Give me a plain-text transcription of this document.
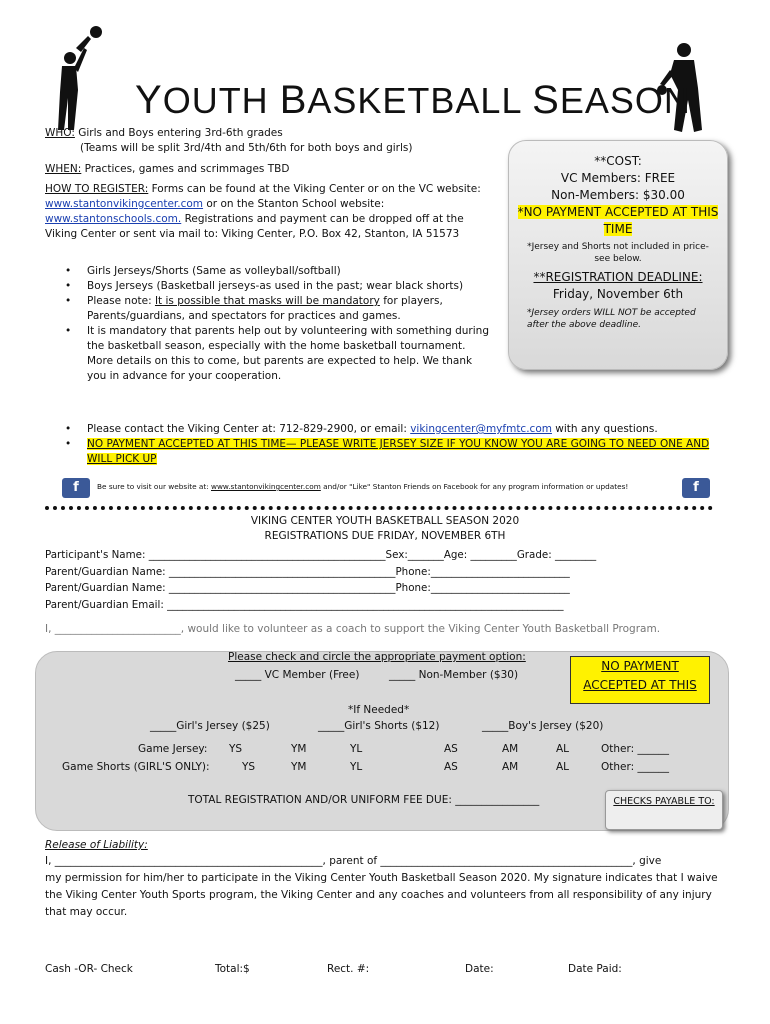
YOUTH BASKETBALL SEASON
WHO: Girls and Boys entering 3rd-6th grades
(Teams will be split 3rd/4th and 5th/6th for both boys and girls)
WHEN: Practices, games and scrimmages TBD
HOW TO REGISTER: Forms can be found at the Viking Center or on the VC website: www.stantonvikingcenter.com or on the Stanton School website: www.stantonschools.com. Registrations and payment can be dropped off at the Viking Center or sent via mail to: Viking Center, P.O. Box 42, Stanton, IA 51573
• Girls Jerseys/Shorts (Same as volleyball/softball)
• Boys Jerseys (Basketball jerseys-as used in the past; wear black shorts)
• Please note: It is possible that masks will be mandatory for players, Parents/guardians, and spectators for practices and games.
• It is mandatory that parents help out by volunteering with something during the basketball season, especially with the home basketball tournament. More details on this to come, but parents are expected to help. We thank you in advance for your cooperation.
**COST:
VC Members: FREE
Non-Members: $30.00
*NO PAYMENT ACCEPTED AT THIS TIME
*Jersey and Shorts not included in price-see below.
**REGISTRATION DEADLINE:
Friday, November 6th
*Jersey orders WILL NOT be accepted after the above deadline.
• Please contact the Viking Center at: 712-829-2900, or email: vikingcenter@myfmtc.com with any questions.
• NO PAYMENT ACCEPTED AT THIS TIME— PLEASE WRITE JERSEY SIZE IF YOU KNOW YOU ARE GOING TO NEED ONE AND WILL PICK UP
f	Be sure to visit our website at: www.stantonvikingcenter.com and/or "Like" Stanton Friends on Facebook for any program information or updates!	f
VIKING CENTER YOUTH BASKETBALL SEASON 2020
REGISTRATIONS DUE FRIDAY, NOVEMBER 6TH
Participant's Name: ______________________________________________Sex:_______Age: _________Grade: ________
Parent/Guardian Name: ____________________________________________Phone:___________________________
Parent/Guardian Name: ____________________________________________Phone:___________________________
Parent/Guardian Email: _____________________________________________________________________________
I, ________________________, would like to volunteer as a coach to support the Viking Center Youth Basketball Program.
Please check and circle the appropriate payment option:
_____ VC Member (Free)	_____ Non-Member ($30)
NO PAYMENT ACCEPTED AT THIS
*If Needed*
_____Girl's Jersey ($25)	_____Girl's Shorts ($12)	_____Boy's Jersey ($20)
Game Jersey: YS	YM	YL	AS	AM	AL	Other: ______
Game Shorts (GIRL'S ONLY):	YS	YM	YL	AS	AM	AL	Other: ______
TOTAL REGISTRATION AND/OR UNIFORM FEE DUE: ________________	CHECKS PAYABLE TO:
Release of Liability:
I, ___________________________________________________, parent of ________________________________________________, give
my permission for him/her to participate in the Viking Center Youth Basketball Season 2020. My signature indicates that I waive the Viking Center Youth Sports program, the Viking Center and any coaches and volunteers from all responsibility of any injury that may occur.
Cash -OR- Check	Total:$	Rect. #:	Date:	Date Paid:
